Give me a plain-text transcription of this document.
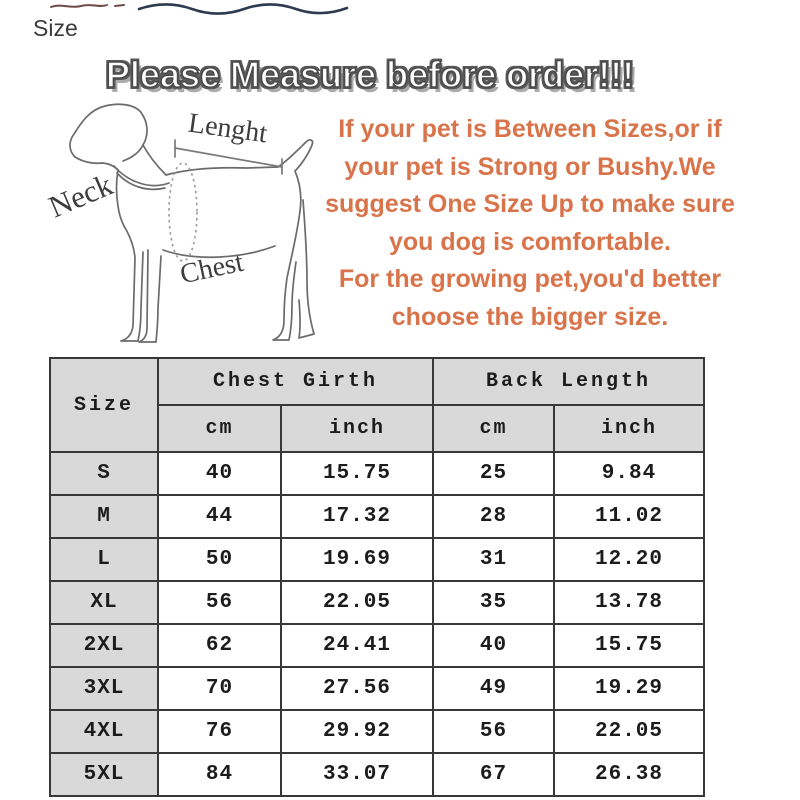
Size
Please Measure before order!!!
Neck
Lenght
Chest
If your pet is Between Sizes,or if
your pet is Strong or Bushy.We
suggest One Size Up to make sure
you dog is comfortable.
For the growing pet,you'd better
choose the bigger size.
Size	Chest Girth		Back Length	
	cm	inch	cm	inch
S	40	15.75	25	9.84
M	44	17.32	28	11.02
L	50	19.69	31	12.20
XL	56	22.05	35	13.78
2XL	62	24.41	40	15.75
3XL	70	27.56	49	19.29
4XL	76	29.92	56	22.05
5XL	84	33.07	67	26.38
